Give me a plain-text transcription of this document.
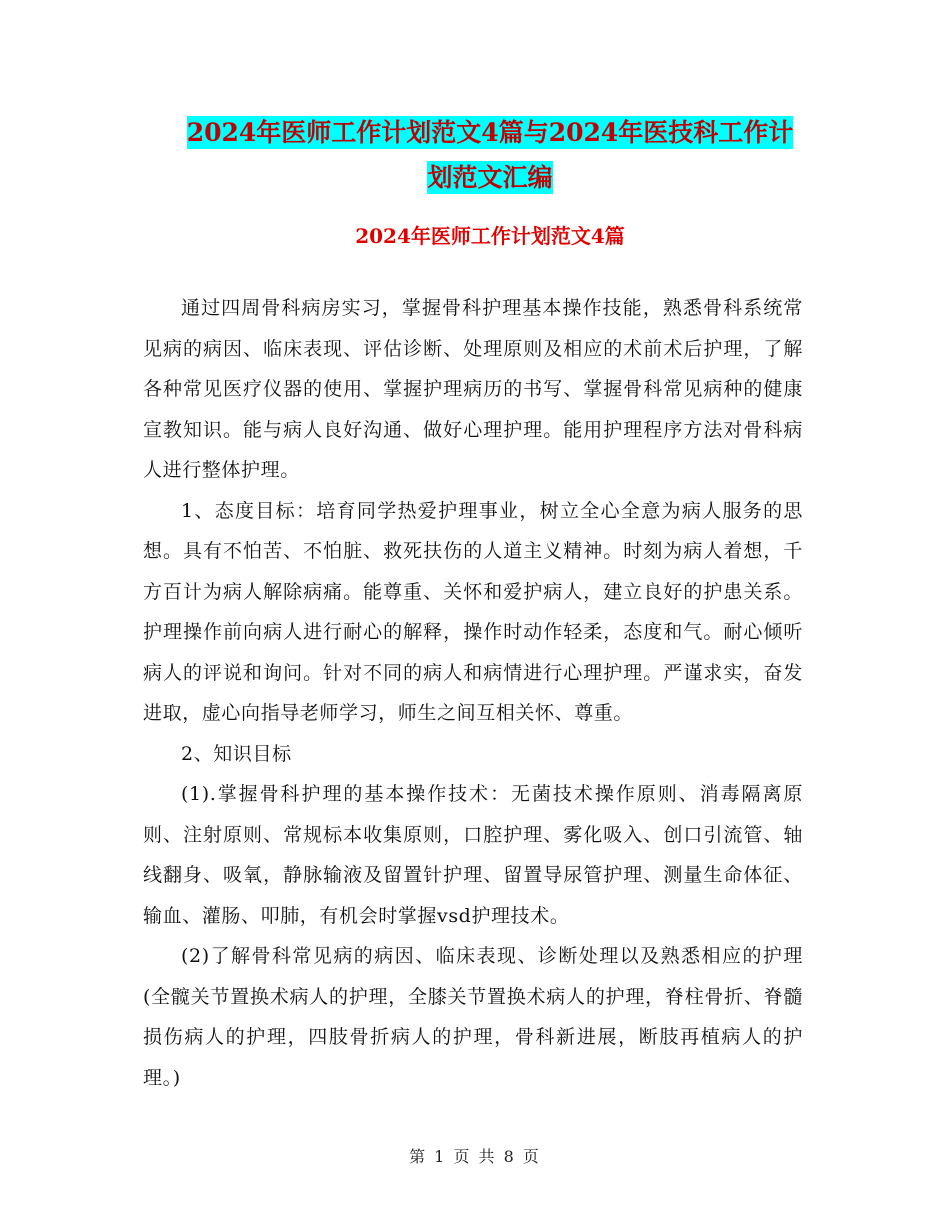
2024年医师工作计划范文4篇与2024年医技科工作计
划范文汇编
2024年医师工作计划范文4篇

通过四周骨科病房实习，掌握骨科护理基本操作技能，熟悉骨科系统常见病的病因、临床表现、评估诊断、处理原则及相应的术前术后护理，了解各种常见医疗仪器的使用、掌握护理病历的书写、掌握骨科常见病种的健康宣教知识。能与病人良好沟通、做好心理护理。能用护理程序方法对骨科病人进行整体护理。

1、态度目标：培育同学热爱护理事业，树立全心全意为病人服务的思想。具有不怕苦、不怕脏、救死扶伤的人道主义精神。时刻为病人着想，千方百计为病人解除病痛。能尊重、关怀和爱护病人，建立良好的护患关系。护理操作前向病人进行耐心的解释，操作时动作轻柔，态度和气。耐心倾听病人的评说和询问。针对不同的病人和病情进行心理护理。严谨求实，奋发进取，虚心向指导老师学习，师生之间互相关怀、尊重。

2、知识目标

(1).掌握骨科护理的基本操作技术：无菌技术操作原则、消毒隔离原则、注射原则、常规标本收集原则，口腔护理、雾化吸入、创口引流管、轴线翻身、吸氧，静脉输液及留置针护理、留置导尿管护理、测量生命体征、输血、灌肠、叩肺，有机会时掌握vsd护理技术。

(2)了解骨科常见病的病因、临床表现、诊断处理以及熟悉相应的护理(全髋关节置换术病人的护理，全膝关节置换术病人的护理，脊柱骨折、脊髓损伤病人的护理，四肢骨折病人的护理，骨科新进展，断肢再植病人的护理。)

第 1 页 共 8 页
